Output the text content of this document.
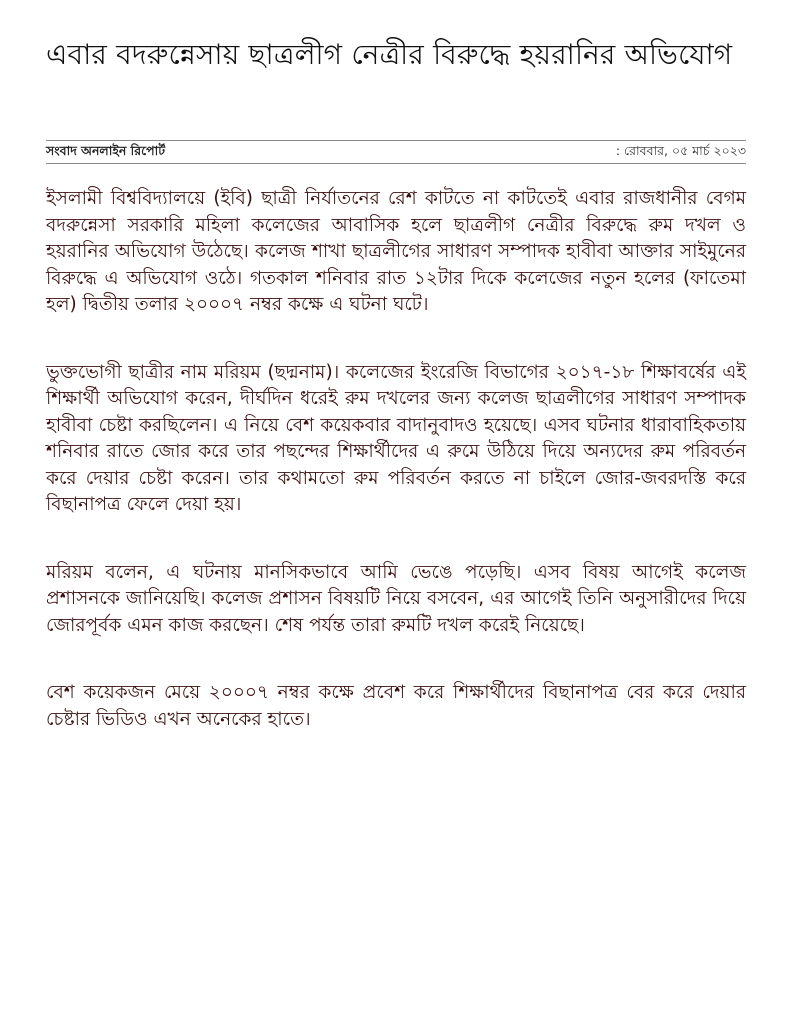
এবার বদরুন্নেসায় ছাত্রলীগ নেত্রীর বিরুদ্ধে হয়রানির অভিযোগ
সংবাদ অনলাইন রিপোর্ট	: রোববার, ০৫ মার্চ ২০২৩

ইসলামী বিশ্ববিদ্যালয়ে (ইবি) ছাত্রী নির্যাতনের রেশ কাটতে না কাটতেই এবার রাজধানীর বেগম বদরুন্নেসা সরকারি মহিলা কলেজের আবাসিক হলে ছাত্রলীগ নেত্রীর বিরুদ্ধে রুম দখল ও হয়রানির অভিযোগ উঠেছে। কলেজ শাখা ছাত্রলীগের সাধারণ সম্পাদক হাবীবা আক্তার সাইমুনের বিরুদ্ধে এ অভিযোগ ওঠে। গতকাল শনিবার রাত ১২টার দিকে কলেজের নতুন হলের (ফাতেমা হল) দ্বিতীয় তলার ২০০০৭ নম্বর কক্ষে এ ঘটনা ঘটে।

ভুক্তভোগী ছাত্রীর নাম মরিয়ম (ছদ্মনাম)। কলেজের ইংরেজি বিভাগের ২০১৭-১৮ শিক্ষাবর্ষের এই শিক্ষার্থী অভিযোগ করেন, দীর্ঘদিন ধরেই রুম দখলের জন্য কলেজ ছাত্রলীগের সাধারণ সম্পাদক হাবীবা চেষ্টা করছিলেন। এ নিয়ে বেশ কয়েকবার বাদানুবাদও হয়েছে। এসব ঘটনার ধারাবাহিকতায় শনিবার রাতে জোর করে তার পছন্দের শিক্ষার্থীদের এ রুমে উঠিয়ে দিয়ে অন্যদের রুম পরিবর্তন করে দেয়ার চেষ্টা করেন। তার কথামতো রুম পরিবর্তন করতে না চাইলে জোর-জবরদস্তি করে বিছানাপত্র ফেলে দেয়া হয়।

মরিয়ম বলেন, এ ঘটনায় মানসিকভাবে আমি ভেঙে পড়েছি। এসব বিষয় আগেই কলেজ প্রশাসনকে জানিয়েছি। কলেজ প্রশাসন বিষয়টি নিয়ে বসবেন, এর আগেই তিনি অনুসারীদের দিয়ে জোরপূর্বক এমন কাজ করছেন। শেষ পর্যন্ত তারা রুমটি দখল করেই নিয়েছে।

বেশ কয়েকজন মেয়ে ২০০০৭ নম্বর কক্ষে প্রবেশ করে শিক্ষার্থীদের বিছানাপত্র বের করে দেয়ার চেষ্টার ভিডিও এখন অনেকের হাতে।
